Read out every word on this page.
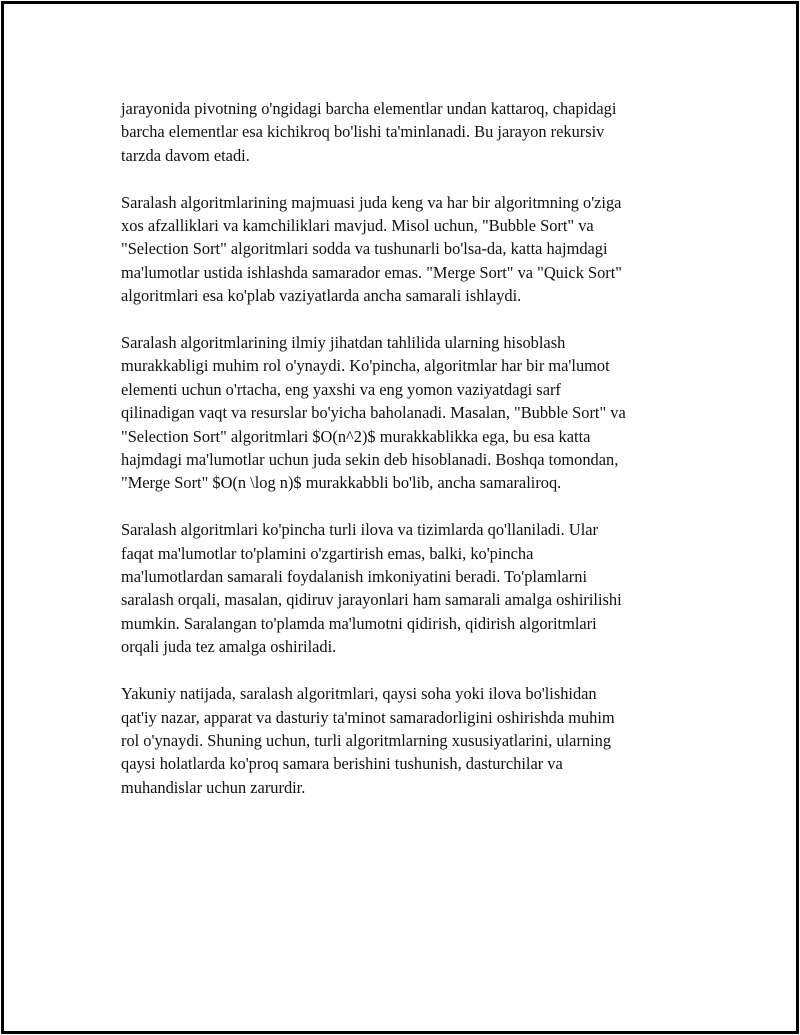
jarayonida pivotning o'ngidagi barcha elementlar undan kattaroq, chapidagi
barcha elementlar esa kichikroq bo'lishi ta'minlanadi. Bu jarayon rekursiv
tarzda davom etadi.

Saralash algoritmlarining majmuasi juda keng va har bir algoritmning o'ziga
xos afzalliklari va kamchiliklari mavjud. Misol uchun, "Bubble Sort" va
"Selection Sort" algoritmlari sodda va tushunarli bo'lsa-da, katta hajmdagi
ma'lumotlar ustida ishlashda samarador emas. "Merge Sort" va "Quick Sort"
algoritmlari esa ko'plab vaziyatlarda ancha samarali ishlaydi.

Saralash algoritmlarining ilmiy jihatdan tahlilida ularning hisoblash
murakkabligi muhim rol o'ynaydi. Ko'pincha, algoritmlar har bir ma'lumot
elementi uchun o'rtacha, eng yaxshi va eng yomon vaziyatdagi sarf
qilinadigan vaqt va resurslar bo'yicha baholanadi. Masalan, "Bubble Sort" va
"Selection Sort" algoritmlari $O(n^2)$ murakkablikka ega, bu esa katta
hajmdagi ma'lumotlar uchun juda sekin deb hisoblanadi. Boshqa tomondan,
"Merge Sort" $O(n \log n)$ murakkabbli bo'lib, ancha samaraliroq.

Saralash algoritmlari ko'pincha turli ilova va tizimlarda qo'llaniladi. Ular
faqat ma'lumotlar to'plamini o'zgartirish emas, balki, ko'pincha
ma'lumotlardan samarali foydalanish imkoniyatini beradi. To'plamlarni
saralash orqali, masalan, qidiruv jarayonlari ham samarali amalga oshirilishi
mumkin. Saralangan to'plamda ma'lumotni qidirish, qidirish algoritmlari
orqali juda tez amalga oshiriladi.

Yakuniy natijada, saralash algoritmlari, qaysi soha yoki ilova bo'lishidan
qat'iy nazar, apparat va dasturiy ta'minot samaradorligini oshirishda muhim
rol o'ynaydi. Shuning uchun, turli algoritmlarning xususiyatlarini, ularning
qaysi holatlarda ko'proq samara berishini tushunish, dasturchilar va
muhandislar uchun zarurdir.
